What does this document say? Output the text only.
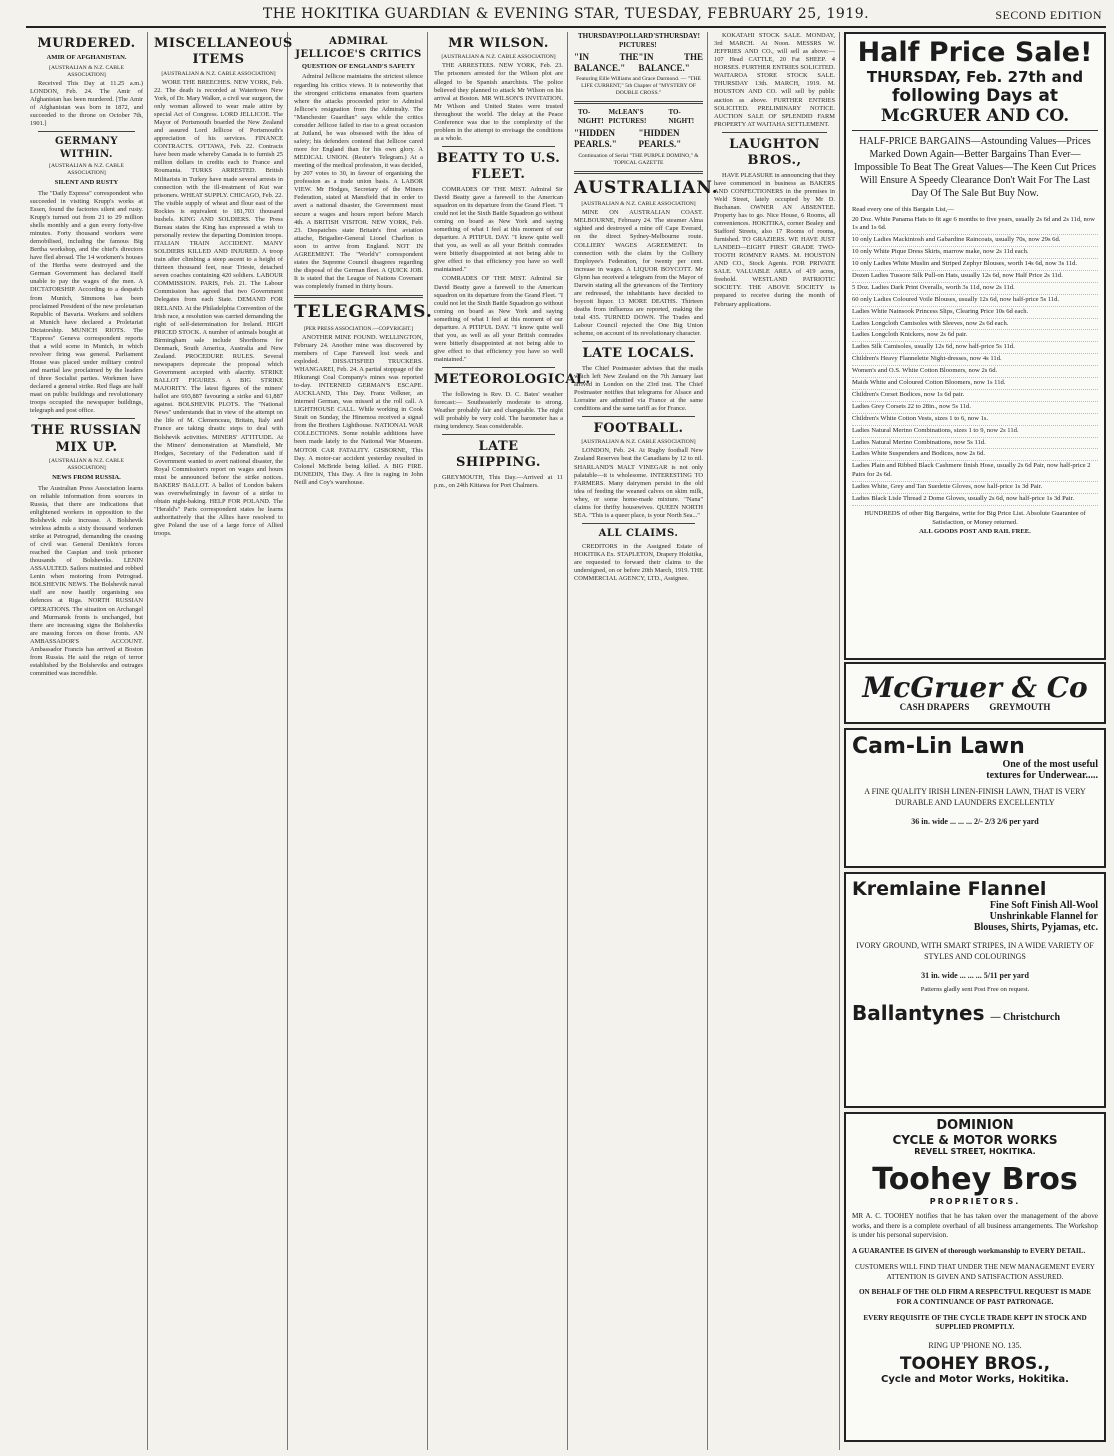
THE HOKITIKA GUARDIAN & EVENING STAR, TUESDAY, FEBRUARY 25, 1919.	SECOND EDITION
MURDERED.
AMIR OF AFGHANISTAN.
[AUSTRALIAN & N.Z. CABLE ASSOCIATION]
Received This Day at 11.25 a.m.) LONDON, Feb. 24. The Amir of Afghanistan has been murdered. [The Amir of Afghanistan was born in 1872, and succeeded to the throne on October 7th, 1901.]
GERMANY WITHIN.
[AUSTRALIAN & N.Z. CABLE ASSOCIATION]
SILENT AND RUSTY
The "Daily Express" correspondent who succeeded in visiting Krupp's works at Essen, found the factories silent and rusty. Krupp's turned out from 21 to 29 million shells monthly and a gun every forty-five minutes. Forty thousand workers were demobilised, including the famous Big Bertha workshop, and the chief's directors have fled abroad. The 14 workmen's houses of the Hertha were destroyed and the German Government has declared itself unable to pay the wages of the men. A DICTATORSHIP. According to a despatch from Munich, Simmons has been proclaimed President of the new proletarian Republic of Bavaria. Workers and soldiers at Munich have declared a Proletariat Dictatorship. MUNICH RIOTS. The "Express" Geneva correspondent reports that a wild scene in Munich, in which revolver firing was general. Parliament House was placed under military control and martial law proclaimed by the leaders of three Socialist parties. Workmen have declared a general strike. Red flags are half mast on public buildings and revolutionary troops occupied the newspaper buildings, telegraph and post office.
THE RUSSIAN MIX UP.
[AUSTRALIAN & N.Z. CABLE ASSOCIATION]
NEWS FROM RUSSIA.
The Australian Press Association learns on reliable information from sources in Russia, that there are indications that enlightened workers in opposition to the Bolshevik rule increase. A Bolshevik wireless admits a sixty thousand workmen strike at Petrograd, demanding the ceasing of civil war. General Denikin's forces reached the Caspian and took prisoner thousands of Bolsheviks. LENIN ASSAULTED. Sailors mutinied and robbed Lenin when motoring from Petrograd. BOLSHEVIK NEWS. The Bolshevik naval staff are now hastily organising sea defences at Riga. NORTH RUSSIAN OPERATIONS. The situation on Archangel and Murmansk fronts is unchanged, but there are increasing signs the Bolsheviks are massing forces on those fronts. AN AMBASSADOR'S ACCOUNT. Ambassador Francis has arrived at Boston from Russia. He said the reign of terror established by the Bolsheviks and outrages committed was incredible.
MISCELLANEOUS ITEMS
[AUSTRALIAN & N.Z. CABLE ASSOCIATION]
WORE THE BREECHES. NEW YORK, Feb. 22. The death is recorded at Watertown New York, of Dr. Mary Walker, a civil war surgeon, the only woman allowed to wear male attire by special Act of Congress. LORD JELLICOE. The Mayor of Portsmouth boarded the New Zealand and assured Lord Jellicoe of Portsmouth's appreciation of his services. FINANCE CONTRACTS. OTTAWA, Feb. 22. Contracts have been made whereby Canada is to furnish 25 million dollars in credits each to France and Roumania. TURKS ARRESTED. British Militarists in Turkey have made several arrests in connection with the ill-treatment of Kut war prisoners. WHEAT SUPPLY. CHICAGO, Feb. 22. The visible supply of wheat and flour east of the Rockies is equivalent to 181,703 thousand bushels. KING AND SOLDIERS. The Press Bureau states the King has expressed a wish to personally review the departing Dominion troops. ITALIAN TRAIN ACCIDENT. MANY SOLDIERS KILLED AND INJURED. A troop train after climbing a steep ascent to a height of thirteen thousand feet, near Trieste, detached seven coaches containing 420 soldiers. LABOUR COMMISSION. PARIS, Feb. 21. The Labour Commission has agreed that two Government Delegates from each State. DEMAND FOR IRELAND. At the Philadelphia Convention of the Irish race, a resolution was carried demanding the right of self-determination for Ireland. HIGH PRICED STOCK. A number of animals bought at Birmingham sale include Shorthorns for Denmark, South America, Australia and New Zealand. PROCEDURE RULES. Several newspapers deprecate the proposal which Government accepted with alacrity. STRIKE BALLOT FIGURES. A BIG STRIKE MAJORITY. The latest figures of the miners' ballot are 693,887 favouring a strike and 61,887 against. BOLSHEVIK PLOTS. The "National News" understands that in view of the attempt on the life of M. Clemenceau, Britain, Italy and France are taking drastic steps to deal with Bolshevik activities. MINERS' ATTITUDE. At the Miners' demonstration at Mansfield, Mr Hodges, Secretary of the Federation said if Government wanted to avert national disaster, the Royal Commission's report on wages and hours must be announced before the strike notices. BAKERS' BALLOT. A ballot of London bakers was overwhelmingly in favour of a strike to obtain night-baking. HELP FOR POLAND. The "Herald's" Paris correspondent states he learns authoritatively that the Allies have resolved to give Poland the use of a large force of Allied troops.
ADMIRAL JELLICOE'S CRITICS
QUESTION OF ENGLAND'S SAFETY
Admiral Jellicoe maintains the strictest silence regarding his critics views. It is noteworthy that the strongest criticisms emanates from quarters where the attacks proceeded prior to Admiral Jellicoe's resignation from the Admiralty. The "Manchester Guardian" says while the critics consider Jellicoe failed to rise to a great occasion at Jutland, he was obsessed with the idea of safety; his defenders contend that Jellicoe cared more for England than for his own glory. A MEDICAL UNION. (Reuter's Telegram.) At a meeting of the medical profession, it was decided, by 207 votes to 30, in favour of organising the profession as a trade union basis. A LABOR VIEW. Mr Hodges, Secretary of the Miners Federation, stated at Mansfield that in order to avert a national disaster, the Government must secure a wages and hours report before March 4th. A BRITISH VISITOR. NEW YORK, Feb. 23. Despatches state Britain's first aviation attache, Brigadier-General Lionel Charlton is soon to arrive from England. NOT IN AGREEMENT. The "World's" correspondent states the Supreme Council disagrees regarding the disposal of the German fleet. A QUICK JOB. It is stated that the League of Nations Covenant was completely framed in thirty hours.
TELEGRAMS.
[PER PRESS ASSOCIATION.—COPYRIGHT.]
ANOTHER MINE FOUND. WELLINGTON, February 24. Another mine was discovered by members of Cape Farewell lost week and exploded. DISSATISFIED TRUCKERS. WHANGAREI, Feb. 24. A partial stoppage of the Hikurangi Coal Company's mines was reported to-day. INTERNED GERMAN'S ESCAPE. AUCKLAND, This Day. Franz Volkner, an interned German, was missed at the roll call. A LIGHTHOUSE CALL. While working in Cook Strait on Sunday, the Hinemoa received a signal from the Brothers Lighthouse. NATIONAL WAR COLLECTIONS. Some notable additions have been made lately to the National War Museum. MOTOR CAR FATALITY. GISBORNE, This Day. A motor-car accident yesterday resulted in Colonel McBride being killed. A BIG FIRE. DUNEDIN, This Day. A fire is raging in John Neill and Coy's warehouse.
MR WILSON.
[AUSTRALIAN & N.Z. CABLE ASSOCIATION]
THE ARRESTEES. NEW YORK, Feb. 23. The prisoners arrested for the Wilson plot are alleged to be Spanish anarchists. The police believed they planned to attack Mr Wilson on his arrival at Boston. MR WILSON'S INVITATION. Mr Wilson and United States were trusted throughout the world. The delay at the Peace Conference was due to the complexity of the problem in the attempt to envisage the conditions as a whole.
BEATTY TO U.S. FLEET.
COMRADES OF THE MIST. Admiral Sir David Beatty gave a farewell to the American squadron on its departure from the Grand Fleet. "I could not let the Sixth Battle Squadron go without coming on board as New York and saying something of what I feel at this moment of our departure. A PITIFUL DAY. "I know quite well that you, as well as all your British comrades were bitterly disappointed at not being able to give effect to that efficiency you have so well maintained."
COMRADES OF THE MIST. Admiral Sir David Beatty gave a farewell to the American squadron on its departure from the Grand Fleet. "I could not let the Sixth Battle Squadron go without coming on board as New York and saying something of what I feel at this moment of our departure. A PITIFUL DAY. "I know quite well that you, as well as all your British comrades were bitterly disappointed at not being able to give effect to that efficiency you have so well maintained."
METEOROLOGICAL.
The following is Rev. D. C. Bates' weather forecast:— Southeasterly moderate to strong. Weather probably fair and changeable. The night will probably be very cold. The barometer has a rising tendency. Seas considerable.
LATE SHIPPING.
GREYMOUTH, This Day.—Arrived at 11 p.m., on 24th Kittawa for Port Chalmers.
THURSDAY! POLLARD'S PICTURES!
THURSDAY!
"IN THE BALANCE."
"IN THE BALANCE."
Featuring Eille Williams and Grace Darmond. — "THE LIFE CURRENT," 5th Chapter of "MYSTERY OF DOUBLE CROSS."
TO-NIGHT!
McLEAN'S PICTURES!
TO-NIGHT!
"HIDDEN PEARLS."
"HIDDEN PEARLS."
Continuation of Serial "THE PURPLE DOMINO," & TOPICAL GAZETTE
AUSTRALIAN.
[AUSTRALIAN & N.Z. CABLE ASSOCIATION]
MINE ON AUSTRALIAN COAST. MELBOURNE, February 24. The steamer Alma sighted and destroyed a mine off Cape Everard, on the direct Sydney-Melbourne route. COLLIERY WAGES AGREEMENT. In connection with the claim by the Colliery Employee's Federation, for twenty per cent. increase in wages. A LIQUOR BOYCOTT. Mr Glynn has received a telegram from the Mayor of Darwin stating all the grievances of the Territory are redressed, the inhabitants have decided to boycott liquor. 13 MORE DEATHS. Thirteen deaths from influenza are reported, making the total 435. TURNED DOWN. The Trades and Labour Council rejected the One Big Union scheme, on account of its revolutionary character.
LATE LOCALS.
The Chief Postmaster advises that the mails which left New Zealand on the 7th January last arrived in London on the 23rd inst. The Chief Postmaster notifies that telegrams for Alsace and Lorraine are admitted via France at the same conditions and the same tariff as for France.
FOOTBALL.
[AUSTRALIAN & N.Z. CABLE ASSOCIATION]
LONDON, Feb. 24. At Rugby football New Zealand Reserves beat the Canadians by 12 to nil. SHARLAND'S MALT VINEGAR is not only palatable—it is wholesome. INTERESTING TO FARMERS. Many dairymen persist in the old idea of feeding the weaned calves on skim milk, whey, or some home-made mixture. "Nana" claims for thrifty housewives. QUEEN NORTH SEA. "This is a queer place, is your North Sea..."
ALL CLAIMS.
CREDITORS in the Assigned Estate of HOKITIKA Ex. STAPLETON, Drapery Hokitika, are requested to forward their claims to the undersigned, on or before 20th March, 1919. THE COMMERCIAL AGENCY, LTD., Assignee.
KOKATAHI STOCK SALE. MONDAY, 3rd MARCH. At Noon. MESSRS W. JEFFRIES AND CO., will sell as above:— 107 Head CATTLE, 20 Fat SHEEP. 4 HORSES. FURTHER ENTRIES SOLICITED. WAITAROA STORE STOCK SALE. THURSDAY 13th. MARCH, 1919. M. HOUSTON AND CO. will sell by public auction as above. FURTHER ENTRIES SOLICITED. PRELIMINARY NOTICE. AUCTION SALE OF SPLENDID FARM PROPERTY AT WAITAHA SETTLEMENT.
LAUGHTON BROS.,
HAVE PLEASURE in announcing that they have commenced in business as BAKERS AND CONFECTIONERS in the premises in Weld Street, lately occupied by Mr D. Buchanan. OWNER AN ABSENTEE. Property has to go. Nice House, 6 Rooms, all conveniences. HOKITIKA, corner Bealey and Stafford Streets, also 17 Rooms of rooms, furnished. TO GRAZIERS. WE HAVE JUST LANDED—EIGHT FIRST GRADE TWO-TOOTH ROMNEY RAMS. M. HOUSTON AND CO., Stock Agents. FOR PRIVATE SALE. VALUABLE AREA of 419 acres, freehold. WESTLAND PATRIOTIC SOCIETY. THE ABOVE SOCIETY is prepared to receive during the month of February applications.
Half Price Sale!
THURSDAY, Feb. 27th and
following Days at
McGRUER AND CO.
HALF-PRICE BARGAINS—Astounding Values—Prices Marked Down Again—Better Bargains Than Ever—Impossible To Beat The Great Values—The Keen Cut Prices Will Ensure A Speedy Clearance Don't Wait For The Last Day Of The Sale But Buy Now.
Read every one of this Bargain List,—
20 Doz. White Panama Hats to fit age 6 months to five years, usually 2s 6d and 2s 11d, now 1s and 1s 6d.
10 only Ladies Mackintosh and Gabardine Raincoats, usually 70s, now 29s 6d.
10 only White Pique Dress Skirts, marrow make, now 2s 11d each.
10 only Ladies White Muslin and Striped Zephyr Blouses, worth 14s 6d, now 3s 11d.
Dozen Ladies Tussore Silk Pull-on Hats, usually 12s 6d, now Half Price 2s 11d.
5 Doz. Ladies Dark Print Overalls, worth 3s 11d, now 2s 11d.
60 only Ladies Coloured Voile Blouses, usually 12s 6d, now half-price 5s 11d.
Ladies White Nainsook Princess Slips, Clearing Price 10s 6d each.
Ladies Longcloth Camisoles with Sleeves, now 2s 6d each.
Ladies Longcloth Knickers, now 2s 6d pair.
Ladies Silk Camisoles, usually 12s 6d, now half-price 5s 11d.
Children's Heavy Flannelette Night-dresses, now 4s 11d.
Women's and O.S. White Cotton Bloomers, now 2s 6d.
Maids White and Coloured Cotton Bloomers, now 1s 11d.
Children's Corset Bodices, now 1s 6d pair.
Ladies Grey Corsets 22 to 28in., now 5s 11d.
Children's White Cotton Vests, sizes 1 to 6, now 1s.
Ladies Natural Merino Combinations, sizes 1 to 9, now 2s 11d.
Ladies Natural Merino Combinations, now 5s 11d.
Ladies White Suspenders and Bodices, now 2s 6d.
Ladies Plain and Ribbed Black Cashmere finish Hose, usually 2s 6d Pair, now half-price 2 Pairs for 2s 6d.
Ladies White, Grey and Tan Suedette Gloves, now half-price 1s 3d Pair.
Ladies Black Lisle Thread 2 Dome Gloves, usually 2s 6d, now half-price 1s 3d Pair.
HUNDREDS of other Big Bargains, write for Big Price List. Absolute Guarantee of Satisfaction, or Money returned.
ALL GOODS POST AND RAIL FREE.
McGruer & Co
CASH DRAPERS GREYMOUTH
Cam-Lin Lawn
One of the most useful
textures for Underwear.....
A FINE QUALITY IRISH LINEN-FINISH LAWN, THAT IS VERY DURABLE AND LAUNDERS EXCELLENTLY
36 in. wide ... ... ... 2/- 2/3 2/6 per yard
Kremlaine Flannel
Fine Soft Finish All-Wool
Unshrinkable Flannel for
Blouses, Shirts, Pyjamas, etc.
IVORY GROUND, WITH SMART STRIPES, IN A WIDE VARIETY OF STYLES AND COLOURINGS
31 in. wide ... ... ... 5/11 per yard
Patterns gladly sent Post Free on request.
Ballantynes — Christchurch
DOMINION
CYCLE & MOTOR WORKS
REVELL STREET, HOKITIKA.
Toohey Bros
PROPRIETORS.
MR A. C. TOOHEY notifies that he has taken over the management of the above works, and there is a complete overhaul of all business arrangements. The Workshop is under his personal supervision.
A GUARANTEE IS GIVEN of thorough workmanship to EVERY DETAIL.
CUSTOMERS WILL FIND THAT UNDER THE NEW MANAGEMENT EVERY ATTENTION IS GIVEN AND SATISFACTION ASSURED.
ON BEHALF OF THE OLD FIRM A RESPECTFUL REQUEST IS MADE FOR A CONTINUANCE OF PAST PATRONAGE.
EVERY REQUISITE OF THE CYCLE TRADE KEPT IN STOCK AND SUPPLIED PROMPTLY.
RING UP 'PHONE NO. 135.
TOOHEY BROS.,
Cycle and Motor Works, Hokitika.
